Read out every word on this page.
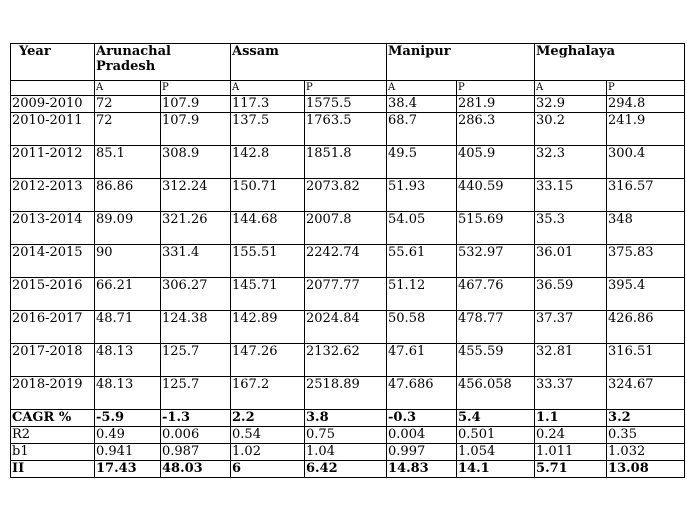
Year	Arunachal Pradesh		Assam		Manipur		Meghalaya	
	A	P	A	P	A	P	A	P
2009-2010	72	107.9	117.3	1575.5	38.4	281.9	32.9	294.8
2010-2011	72	107.9	137.5	1763.5	68.7	286.3	30.2	241.9
2011-2012	85.1	308.9	142.8	1851.8	49.5	405.9	32.3	300.4
2012-2013	86.86	312.24	150.71	2073.82	51.93	440.59	33.15	316.57
2013-2014	89.09	321.26	144.68	2007.8	54.05	515.69	35.3	348
2014-2015	90	331.4	155.51	2242.74	55.61	532.97	36.01	375.83
2015-2016	66.21	306.27	145.71	2077.77	51.12	467.76	36.59	395.4
2016-2017	48.71	124.38	142.89	2024.84	50.58	478.77	37.37	426.86
2017-2018	48.13	125.7	147.26	2132.62	47.61	455.59	32.81	316.51
2018-2019	48.13	125.7	167.2	2518.89	47.686	456.058	33.37	324.67
CAGR %	-5.9	-1.3	2.2	3.8	-0.3	5.4	1.1	3.2
R2	0.49	0.006	0.54	0.75	0.004	0.501	0.24	0.35
b1	0.941	0.987	1.02	1.04	0.997	1.054	1.011	1.032
II	17.43	48.03	6	6.42	14.83	14.1	5.71	13.08
